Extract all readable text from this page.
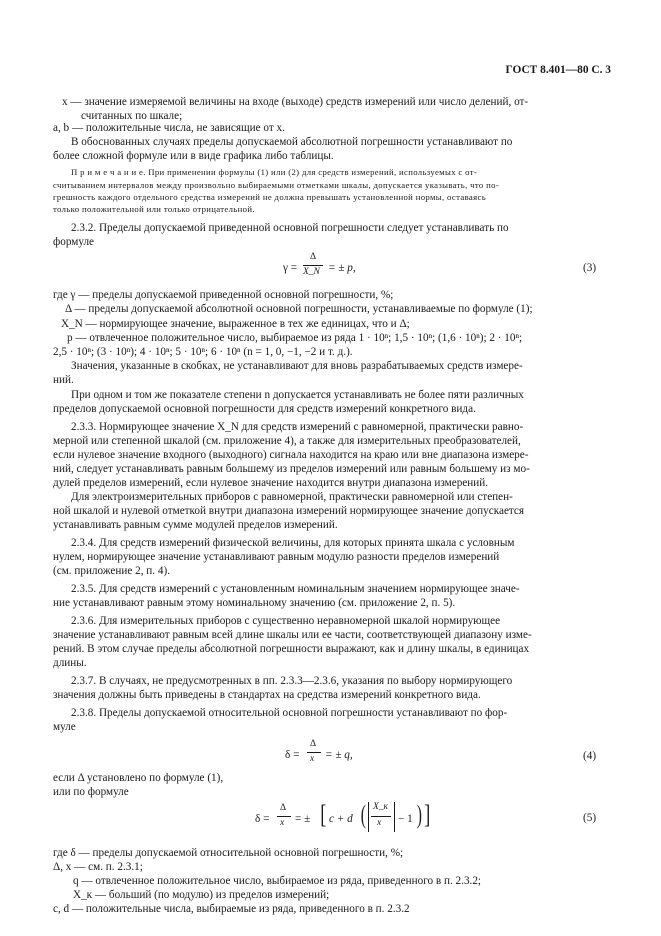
ГОСТ 8.401—80 С. 3
x — значение измеряемой величины на входе (выходе) средств измерений или число делений, от-
считанных по шкале;
a, b — положительные числа, не зависящие от x.
В обоснованных случаях пределы допускаемой абсолютной погрешности устанавливают по
более сложной формуле или в виде графика либо таблицы.
П р и м е ч а н и е. При применении формулы (1) или (2) для средств измерений, используемых с от-
считыванием интервалов между произвольно выбираемыми отметками шкалы, допускается указывать, что по-
грешность каждого отдельного средства измерений не должна превышать установленной нормы, оставаясь
только положительной или только отрицательной.
2.3.2. Пределы допускаемой приведенной основной погрешности следует устанавливать по
формуле
γ =
Δ
X_N = ± p,	(3)
где γ — пределы допускаемой приведенной основной погрешности, %;
Δ — пределы допускаемой абсолютной основной погрешности, устанавливаемые по формуле (1);
X_N — нормирующее значение, выраженное в тех же единицах, что и Δ;
p — отвлеченное положительное число, выбираемое из ряда 1 · 10ⁿ; 1,5 · 10ⁿ; (1,6 · 10ⁿ); 2 · 10ⁿ;
2,5 · 10ⁿ; (3 · 10ⁿ); 4 · 10ⁿ; 5 · 10ⁿ; 6 · 10ⁿ (n = 1, 0, −1, −2 и т. д.).
Значения, указанные в скобках, не устанавливают для вновь разрабатываемых средств измере-
ний.
При одном и том же показателе степени n допускается устанавливать не более пяти различных
пределов допускаемой основной погрешности для средств измерений конкретного вида.
2.3.3. Нормирующее значение X_N для средств измерений с равномерной, практически равно-
мерной или степенной шкалой (см. приложение 4), а также для измерительных преобразователей,
если нулевое значение входного (выходного) сигнала находится на краю или вне диапазона измере-
ний, следует устанавливать равным большему из пределов измерений или равным большему из мо-
дулей пределов измерений, если нулевое значение находится внутри диапазона измерений.
Для электроизмерительных приборов с равномерной, практически равномерной или степен-
ной шкалой и нулевой отметкой внутри диапазона измерений нормирующее значение допускается
устанавливать равным сумме модулей пределов измерений.
2.3.4. Для средств измерений физической величины, для которых принята шкала с условным
нулем, нормирующее значение устанавливают равным модулю разности пределов измерений
(см. приложение 2, п. 4).
2.3.5. Для средств измерений с установленным номинальным значением нормирующее значе-
ние устанавливают равным этому номинальному значению (см. приложение 2, п. 5).
2.3.6. Для измерительных приборов с существенно неравномерной шкалой нормирующее
значение устанавливают равным всей длине шкалы или ее части, соответствующей диапазону изме-
рений. В этом случае пределы абсолютной погрешности выражают, как и длину шкалы, в единицах
длины.
2.3.7. В случаях, не предусмотренных в пп. 2.3.3—2.3.6, указания по выбору нормирующего
значения должны быть приведены в стандартах на средства измерений конкретного вида.
2.3.8. Пределы допускаемой относительной основной погрешности устанавливают по фор-
муле
δ =
Δ
x = ± q,	(4)
если Δ установлено по формуле (1),
или по формуле
δ =
Δ
x = ± [ c + d ( X_к
x − 1 ) ]	(5)
где δ — пределы допускаемой относительной основной погрешности, %;
Δ, x — см. п. 2.3.1;
q — отвлеченное положительное число, выбираемое из ряда, приведенного в п. 2.3.2;
X_к — больший (по модулю) из пределов измерений;
c, d — положительные числа, выбираемые из ряда, приведенного в п. 2.3.2
